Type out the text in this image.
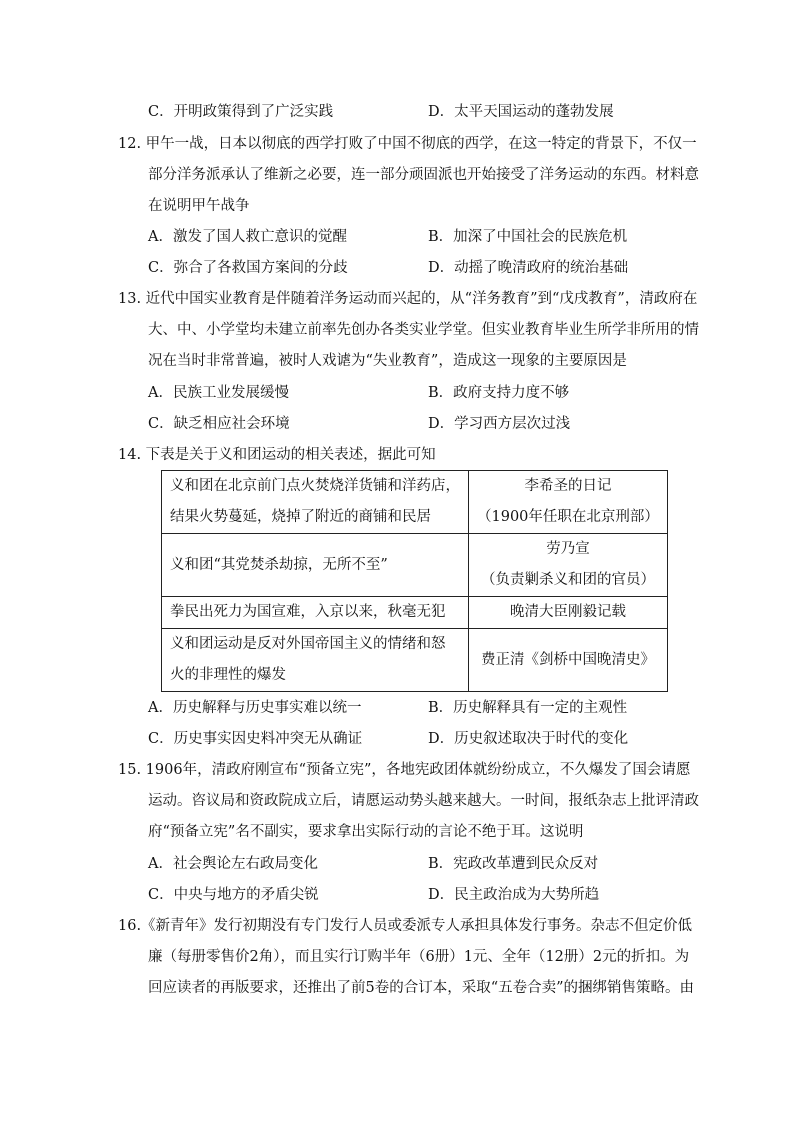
C．开明政策得到了广泛实践	D．太平天国运动的蓬勃发展
12. 甲午一战，日本以彻底的西学打败了中国不彻底的西学，在这一特定的背景下，不仅一
部分洋务派承认了维新之必要，连一部分顽固派也开始接受了洋务运动的东西。材料意
在说明甲午战争
A．激发了国人救亡意识的觉醒	B．加深了中国社会的民族危机
C．弥合了各救国方案间的分歧	D．动摇了晚清政府的统治基础
13. 近代中国实业教育是伴随着洋务运动而兴起的，从“洋务教育”到“戊戌教育”，清政府在
大、中、小学堂均未建立前率先创办各类实业学堂。但实业教育毕业生所学非所用的情
况在当时非常普遍，被时人戏谑为“失业教育”，造成这一现象的主要原因是
A．民族工业发展缓慢	B．政府支持力度不够
C．缺乏相应社会环境	D．学习西方层次过浅
14. 下表是关于义和团运动的相关表述，据此可知
义和团在北京前门点火焚烧洋货铺和洋药店，
结果火势蔓延，烧掉了附近的商铺和民居	李希圣的日记
（1900年任职在北京刑部）

义和团“其党焚杀劫掠，无所不至”	劳乃宣
（负责剿杀义和团的官员）

拳民出死力为国宣难，入京以来，秋毫无犯	晚清大臣刚毅记载

义和团运动是反对外国帝国主义的情绪和怒
火的非理性的爆发	费正清《剑桥中国晚清史》
A．历史解释与历史事实难以统一	B．历史解释具有一定的主观性
C．历史事实因史料冲突无从确证	D．历史叙述取决于时代的变化
15. 1906年，清政府刚宣布“预备立宪”，各地宪政团体就纷纷成立，不久爆发了国会请愿
运动。咨议局和资政院成立后，请愿运动势头越来越大。一时间，报纸杂志上批评清政
府“预备立宪”名不副实，要求拿出实际行动的言论不绝于耳。这说明
A．社会舆论左右政局变化	B．宪政改革遭到民众反对
C．中央与地方的矛盾尖锐	D．民主政治成为大势所趋
16.《新青年》发行初期没有专门发行人员或委派专人承担具体发行事务。杂志不但定价低
廉（每册零售价2角），而且实行订购半年（6册）1元、全年（12册）2元的折扣。为
回应读者的再版要求，还推出了前5卷的合订本，采取“五卷合卖”的捆绑销售策略。由
